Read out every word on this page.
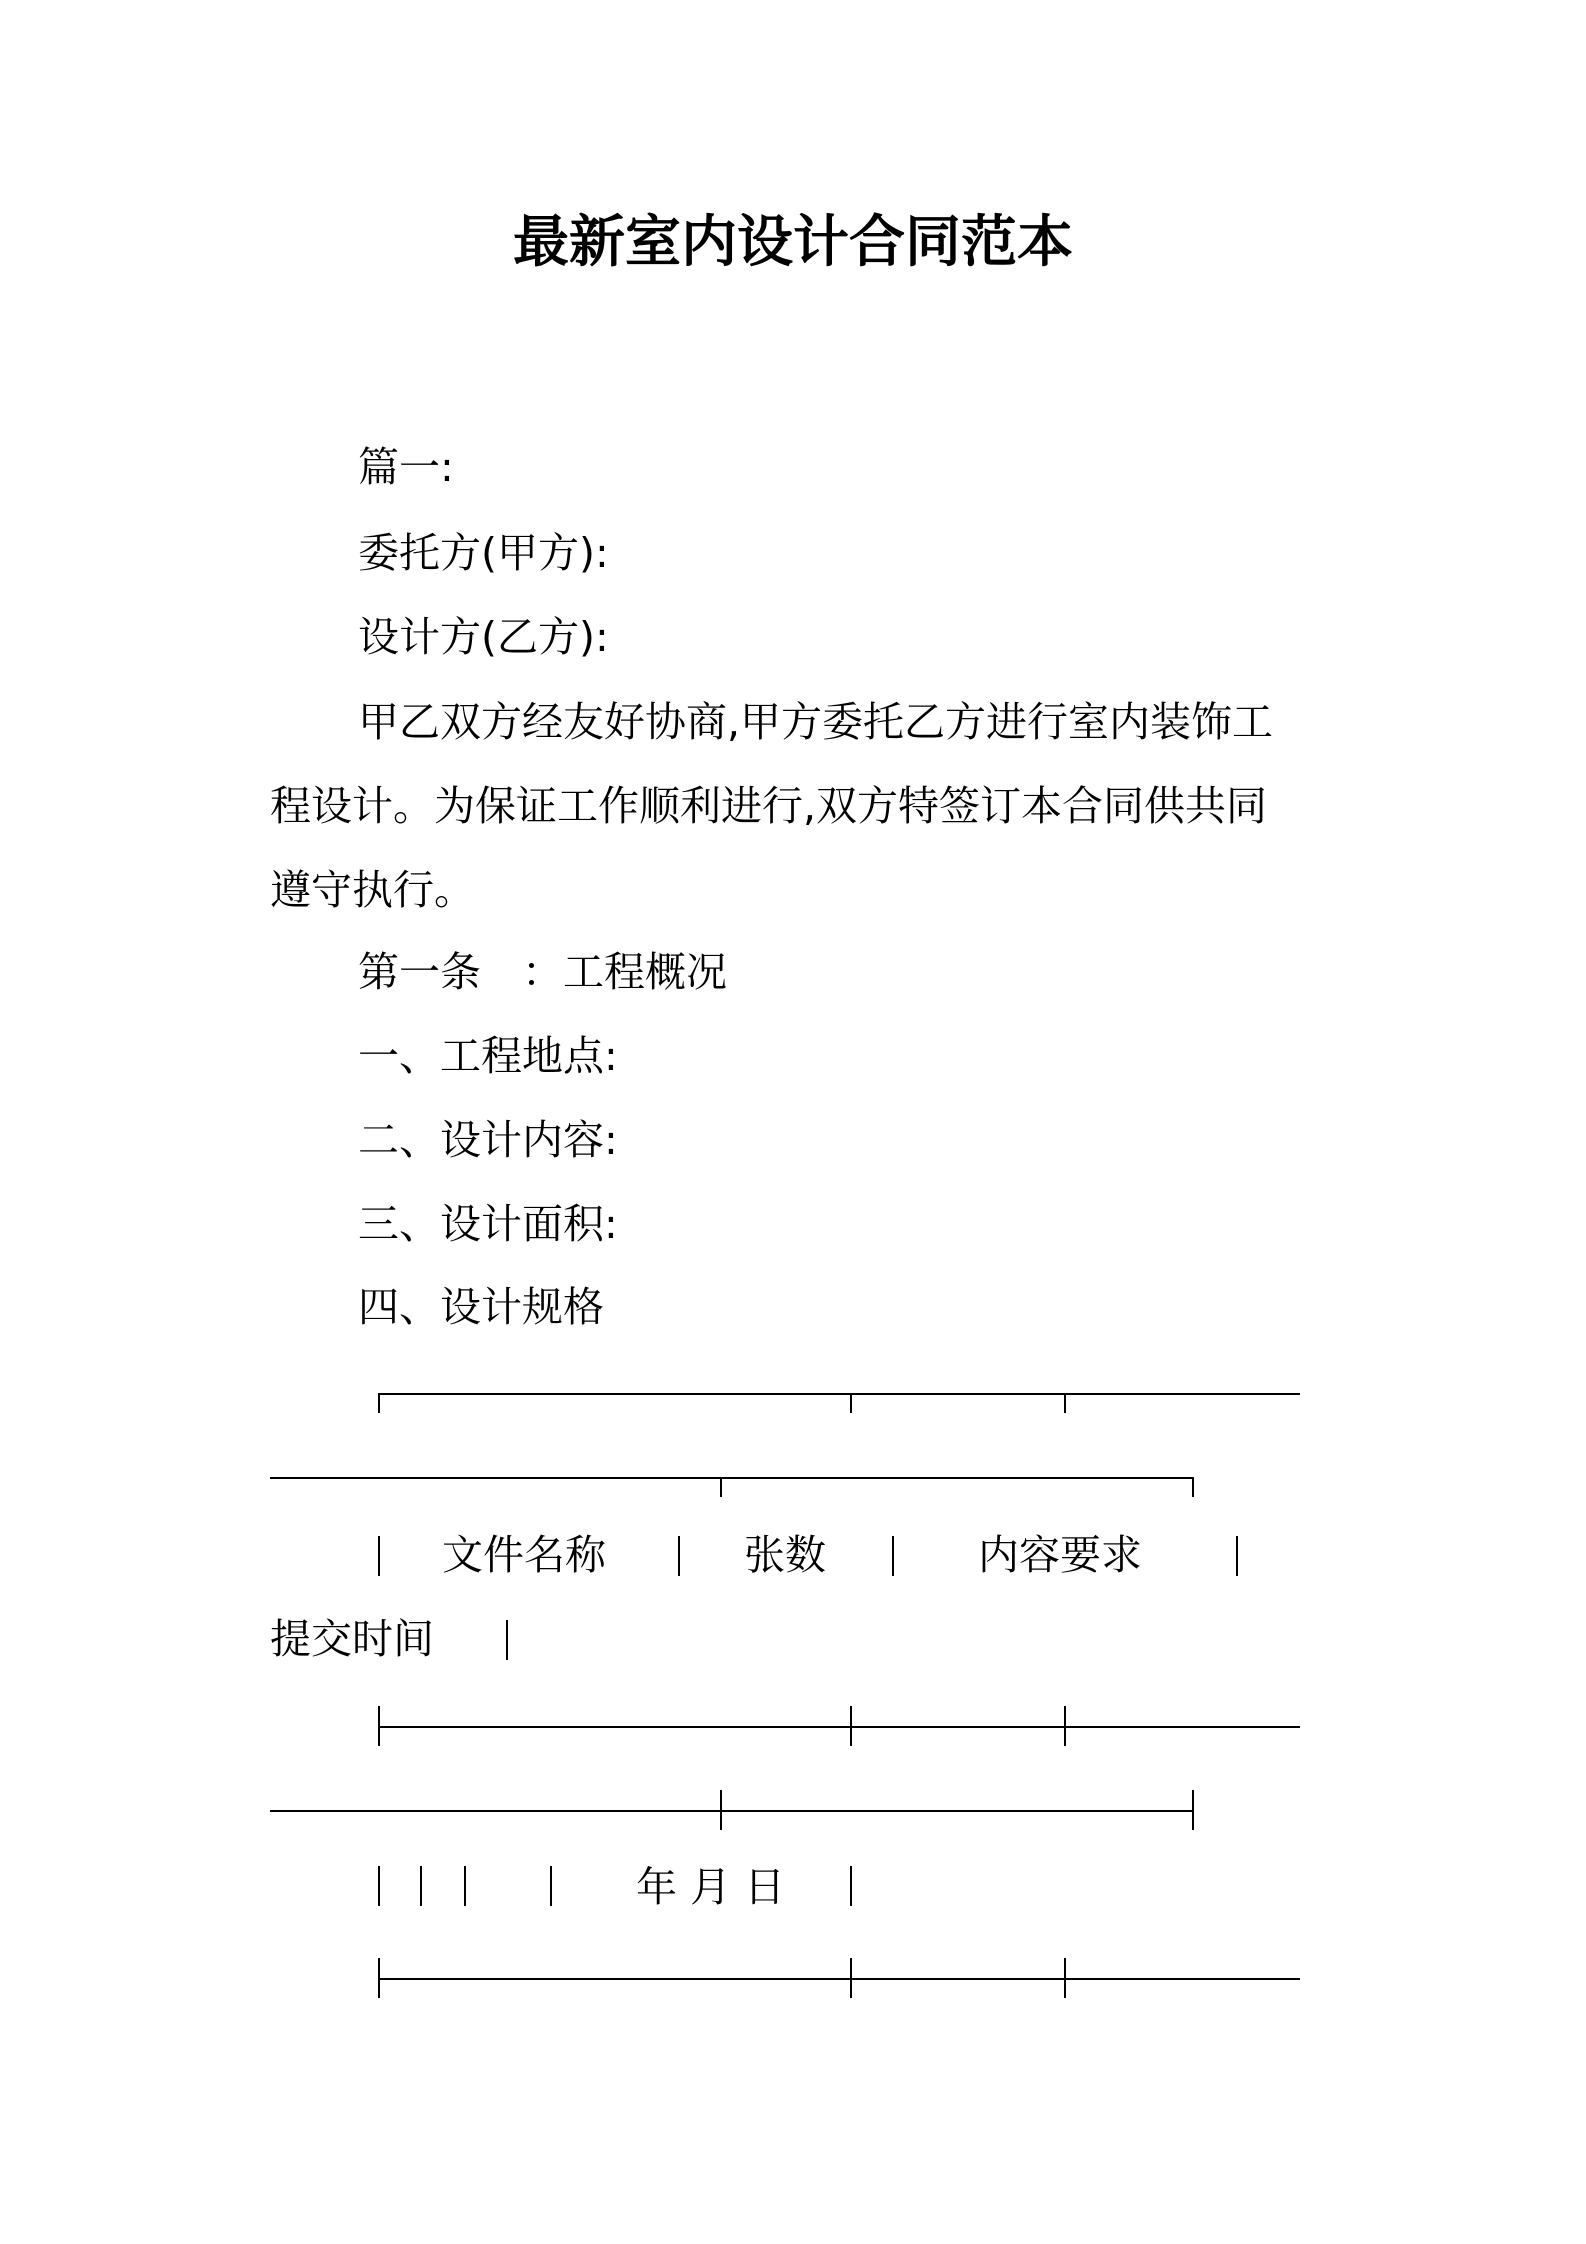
最新室内设计合同范本
篇一:
委托方(甲方):
设计方(乙方):
甲乙双方经友好协商,甲方委托乙方进行室内装饰工
程设计。为保证工作顺利进行,双方特签订本合同供共同
遵守执行。
第一条　：工程概况
一、工程地点:
二、设计内容:
三、设计面积:
四、设计规格
文件名称	张数	内容要求
提交时间
年 月 日
